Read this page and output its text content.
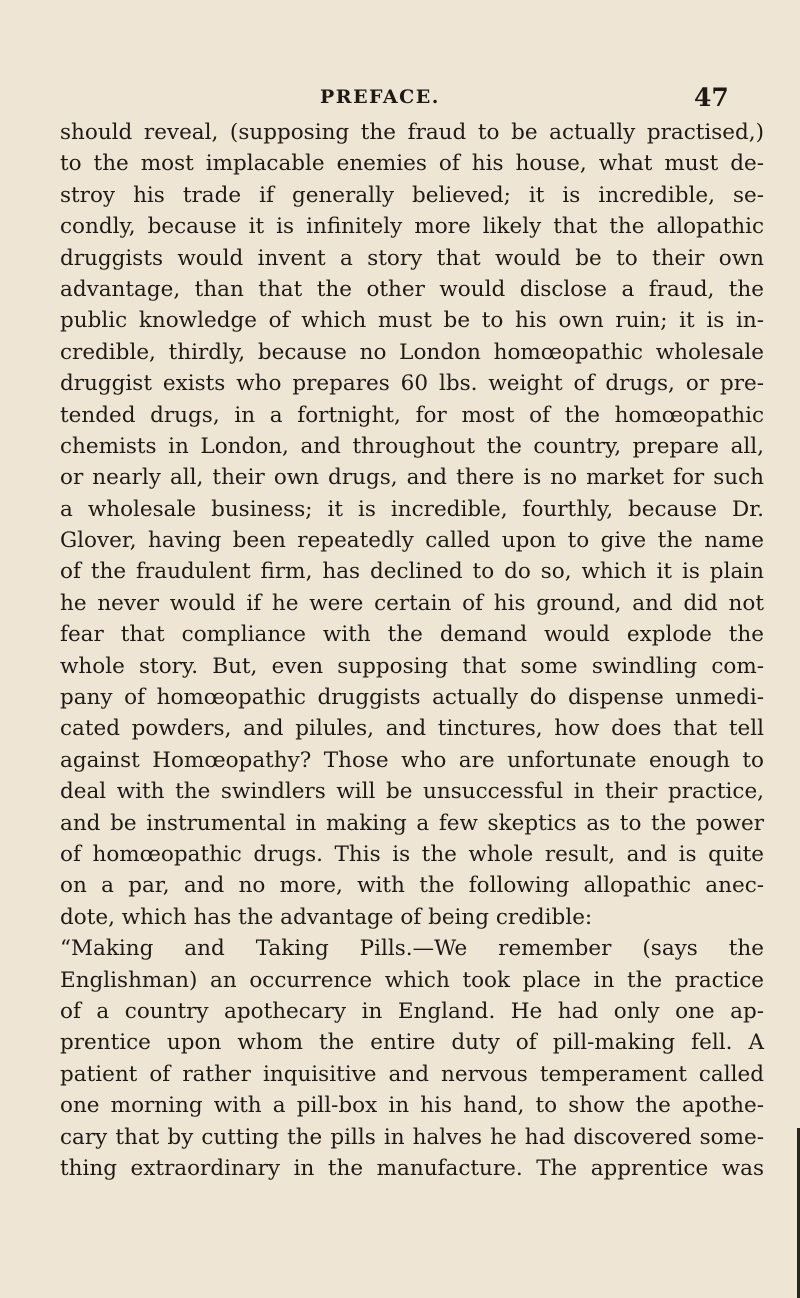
PREFACE.	47
should reveal, (supposing the fraud to be actually practised,)
to the most implacable enemies of his house, what must de-
stroy his trade if generally believed; it is incredible, se-
condly, because it is infinitely more likely that the allopathic
druggists would invent a story that would be to their own
advantage, than that the other would disclose a fraud, the
public knowledge of which must be to his own ruin; it is in-
credible, thirdly, because no London homœopathic wholesale
druggist exists who prepares 60 lbs. weight of drugs, or pre-
tended drugs, in a fortnight, for most of the homœopathic
chemists in London, and throughout the country, prepare all,
or nearly all, their own drugs, and there is no market for such
a wholesale business; it is incredible, fourthly, because Dr.
Glover, having been repeatedly called upon to give the name
of the fraudulent firm, has declined to do so, which it is plain
he never would if he were certain of his ground, and did not
fear that compliance with the demand would explode the
whole story. But, even supposing that some swindling com-
pany of homœopathic druggists actually do dispense unmedi-
cated powders, and pilules, and tinctures, how does that tell
against Homœopathy? Those who are unfortunate enough to
deal with the swindlers will be unsuccessful in their practice,
and be instrumental in making a few skeptics as to the power
of homœopathic drugs. This is the whole result, and is quite
on a par, and no more, with the following allopathic anec-
dote, which has the advantage of being credible:
“Making and Taking Pills.—We remember (says the
Englishman) an occurrence which took place in the practice
of a country apothecary in England. He had only one ap-
prentice upon whom the entire duty of pill-making fell. A
patient of rather inquisitive and nervous temperament called
one morning with a pill-box in his hand, to show the apothe-
cary that by cutting the pills in halves he had discovered some-
thing extraordinary in the manufacture. The apprentice was
